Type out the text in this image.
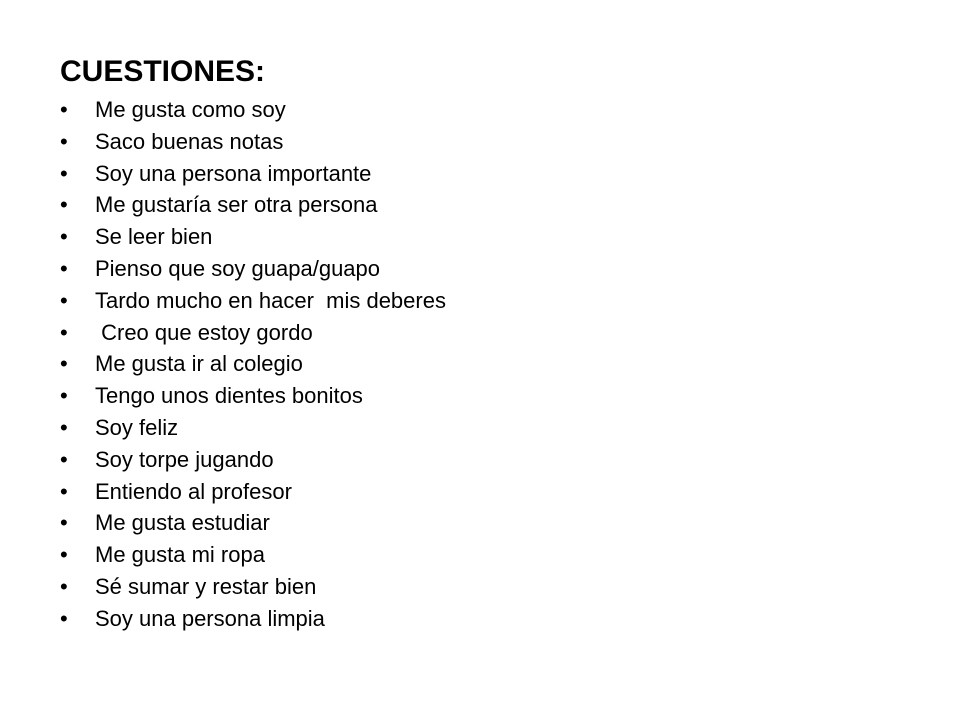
CUESTIONES:
• Me gusta como soy
• Saco buenas notas
• Soy una persona importante
• Me gustaría ser otra persona
• Se leer bien
• Pienso que soy guapa/guapo
• Tardo mucho en hacer  mis deberes
• Creo que estoy gordo
• Me gusta ir al colegio
• Tengo unos dientes bonitos
• Soy feliz
• Soy torpe jugando
• Entiendo al profesor
• Me gusta estudiar
• Me gusta mi ropa
• Sé sumar y restar bien
• Soy una persona limpia
